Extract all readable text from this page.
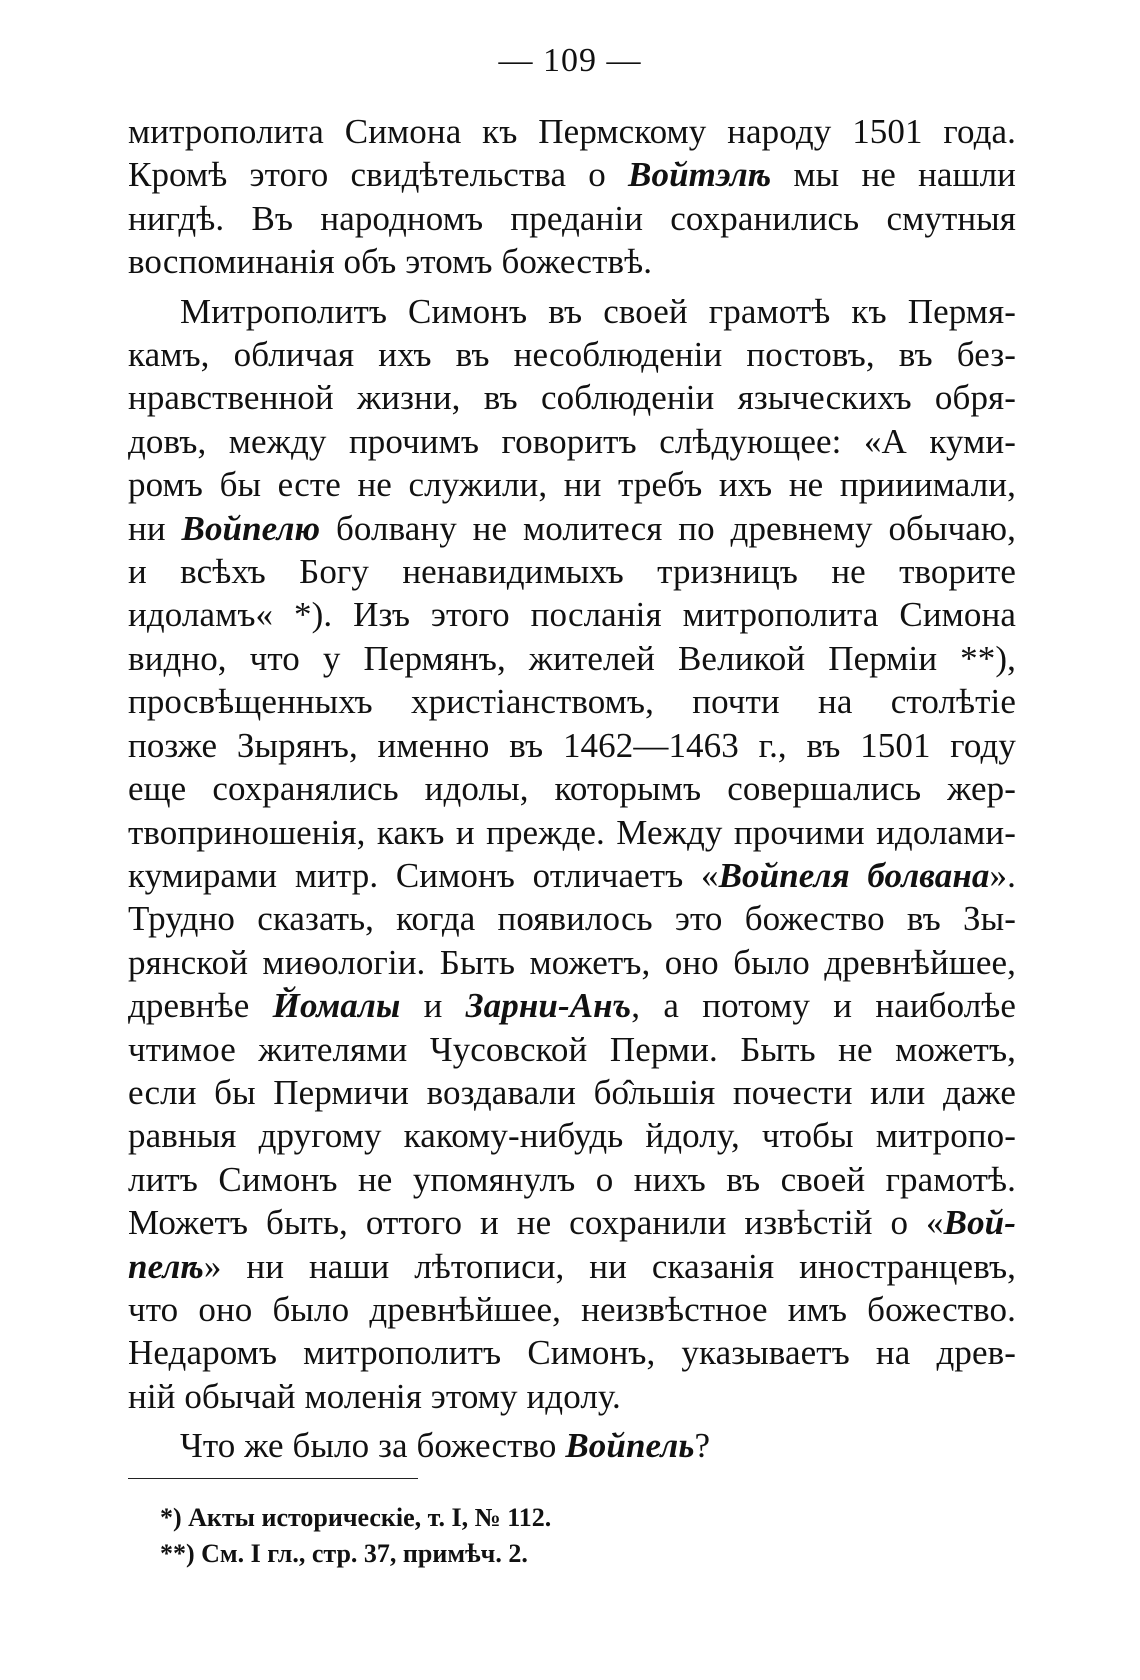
— 109 —
митрополита Симона къ Пермскому народу 1501 года.
Кромѣ этого свидѣтельства о Войтэлѣ мы не нашли
нигдѣ. Въ народномъ преданіи сохранились смутныя
воспоминанія объ этомъ божествѣ.
Митрополитъ Симонъ въ своей грамотѣ къ Пермя-
камъ, обличая ихъ въ несоблюденіи постовъ, въ без-
нравственной жизни, въ соблюденіи языческихъ обря-
довъ, между прочимъ говоритъ слѣдующее: «А куми-
ромъ бы есте не служили, ни требъ ихъ не прииимали,
ни Войпелю болвану не молитеся по древнему обычаю,
и всѣхъ Богу ненавидимыхъ тризницъ не творите
идоламъ« *). Изъ этого посланія митрополита Симона
видно, что у Пермянъ, жителей Великой Перміи **),
просвѣщенныхъ христіанствомъ, почти на столѣтіе
позже Зырянъ, именно въ 1462—1463 г., въ 1501 году
еще сохранялись идолы, которымъ совершались жер-
твоприношенія, какъ и прежде. Между прочими идолами-
кумирами митр. Симонъ отличаетъ «Войпеля болвана».
Трудно сказать, когда появилось это божество въ Зы-
рянской миѳологіи. Быть можетъ, оно было древнѣйшее,
древнѣе Йомалы и Зарни-Анъ, а потому и наиболѣе
чтимое жителями Чусовской Перми. Быть не можетъ,
если бы Пермичи воздавали бо̂льшія почести или даже
равныя другому какому-нибудь йдолу, чтобы митропо-
литъ Симонъ не упомянулъ о нихъ въ своей грамотѣ.
Можетъ быть, оттого и не сохранили извѣстій о «Вой-
пелѣ» ни наши лѣтописи, ни сказанія иностранцевъ,
что оно было древнѣйшее, неизвѣстное имъ божество.
Недаромъ митрополитъ Симонъ, указываетъ на древ-
ній обычай моленія этому идолу.
Что же было за божество Войпель?
*) Акты историческіе, т. I, № 112.
**) См. I гл., стр. 37, примѣч. 2.
